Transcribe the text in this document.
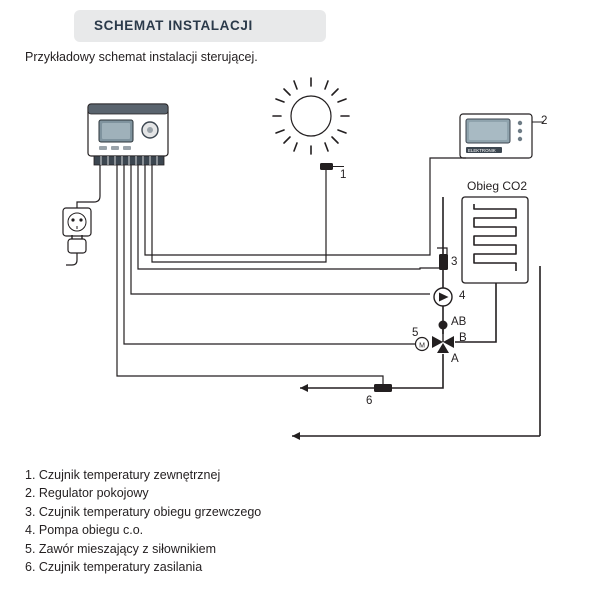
SCHEMAT INSTALACJI
Przykładowy schemat instalacji sterującej.
ELEKTRONIK
M
Obieg CO2
1
2
3
4
5
6
AB
B
A
1. Czujnik temperatury zewnętrznej
2. Regulator pokojowy
3. Czujnik temperatury obiegu grzewczego
4. Pompa obiegu c.o.
5. Zawór mieszający z siłownikiem
6. Czujnik temperatury zasilania
